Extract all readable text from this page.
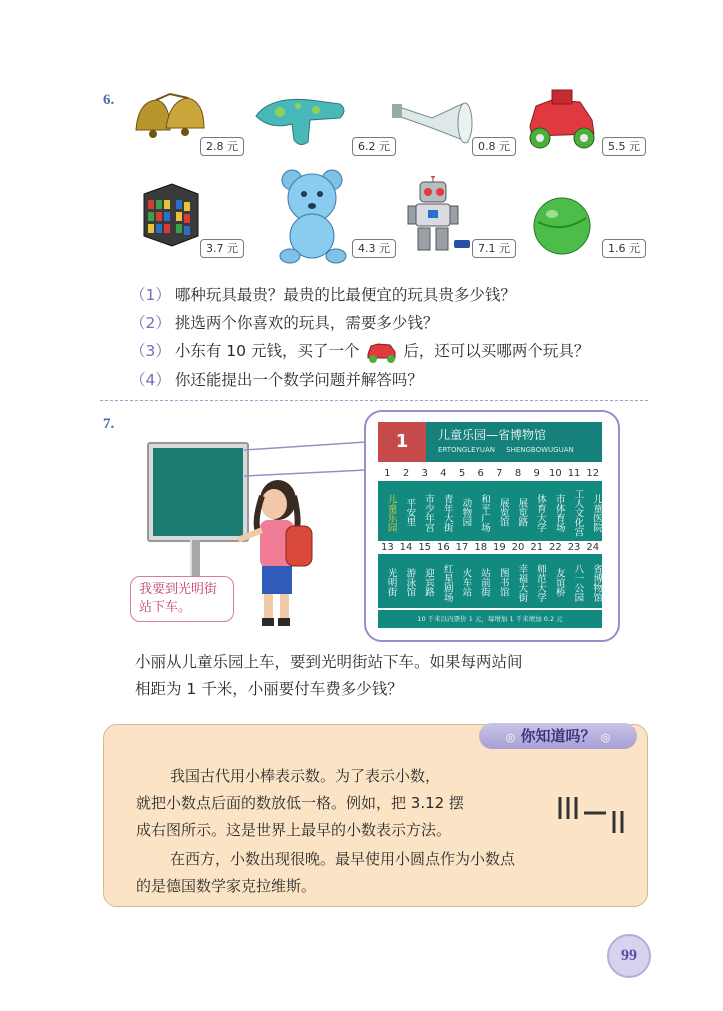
6.
2.8 元	6.2 元	0.8 元	5.5 元
3.7 元	4.3 元	7.1 元	1.6 元
（1） 哪种玩具最贵？最贵的比最便宜的玩具贵多少钱？
（2） 挑选两个你喜欢的玩具，需要多少钱？
（3） 小东有 10 元钱，买了一个	后，还可以买哪两个玩具？
（4） 你还能提出一个数学问题并解答吗？
7.
我要到光明街站下车。
1	儿童乐园—省博物馆
ERTONGLEYUAN SHENGBOWUGUAN
1	2	3	4	5	6	7	8	9 10 11 12
儿童乐园 平安里 市少年宫 青年大街 动物园 和平广场 展览馆 展览路 体育大学 市体育场 工人文化宫 儿童医院
13 14 15 16 17 18 19 20 21 22 23 24
光明街 游泳馆 迎宾路 红星剧场 火车站 站前街 图书馆 幸福大街 师范大学 友谊桥 八一公园 省博物馆
10 千米以内票价 1 元，每增加 1 千米增加 0.2 元
小丽从儿童乐园上车，要到光明街站下车。如果每两站间
相距为 1 千米，小丽要付车费多少钱？
◎ 你知道吗？ ◎
我国古代用小棒表示数。为了表示小数，
就把小数点后面的数放低一格。例如，把 3.12 摆
成右图所示。这是世界上最早的小数表示方法。
在西方，小数出现很晚。最早使用小圆点作为小数点
的是德国数学家克拉维斯。
99
